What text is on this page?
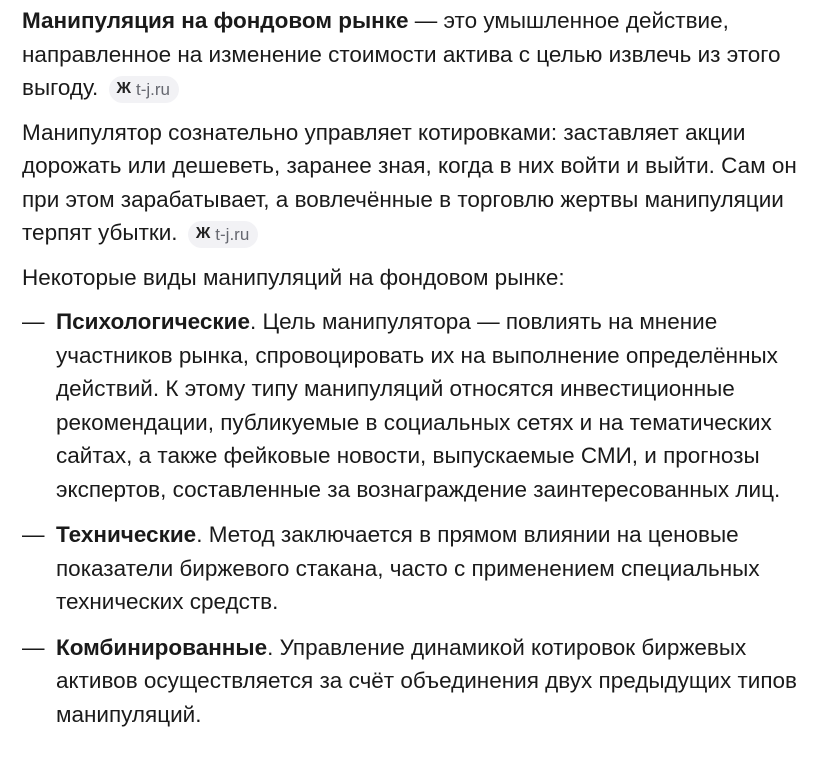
Манипуляция на фондовом рынке — это умышленное действие, направленное на изменение стоимости актива с целью извлечь из этого выгоду. Ж t-j.ru

Манипулятор сознательно управляет котировками: заставляет акции дорожать или дешеветь, заранее зная, когда в них войти и выйти. Сам он при этом зарабатывает, а вовлечённые в торговлю жертвы манипуляции терпят убытки. Ж t-j.ru

Некоторые виды манипуляций на фондовом рынке:

— Психологические. Цель манипулятора — повлиять на мнение участников рынка, спровоцировать их на выполнение определённых действий. К этому типу манипуляций относятся инвестиционные рекомендации, публикуемые в социальных сетях и на тематических сайтах, а также фейковые новости, выпускаемые СМИ, и прогнозы экспертов, составленные за вознаграждение заинтересованных лиц.
— Технические. Метод заключается в прямом влиянии на ценовые показатели биржевого стакана, часто с применением специальных технических средств.
— Комбинированные. Управление динамикой котировок биржевых активов осуществляется за счёт объединения двух предыдущих типов манипуляций.
